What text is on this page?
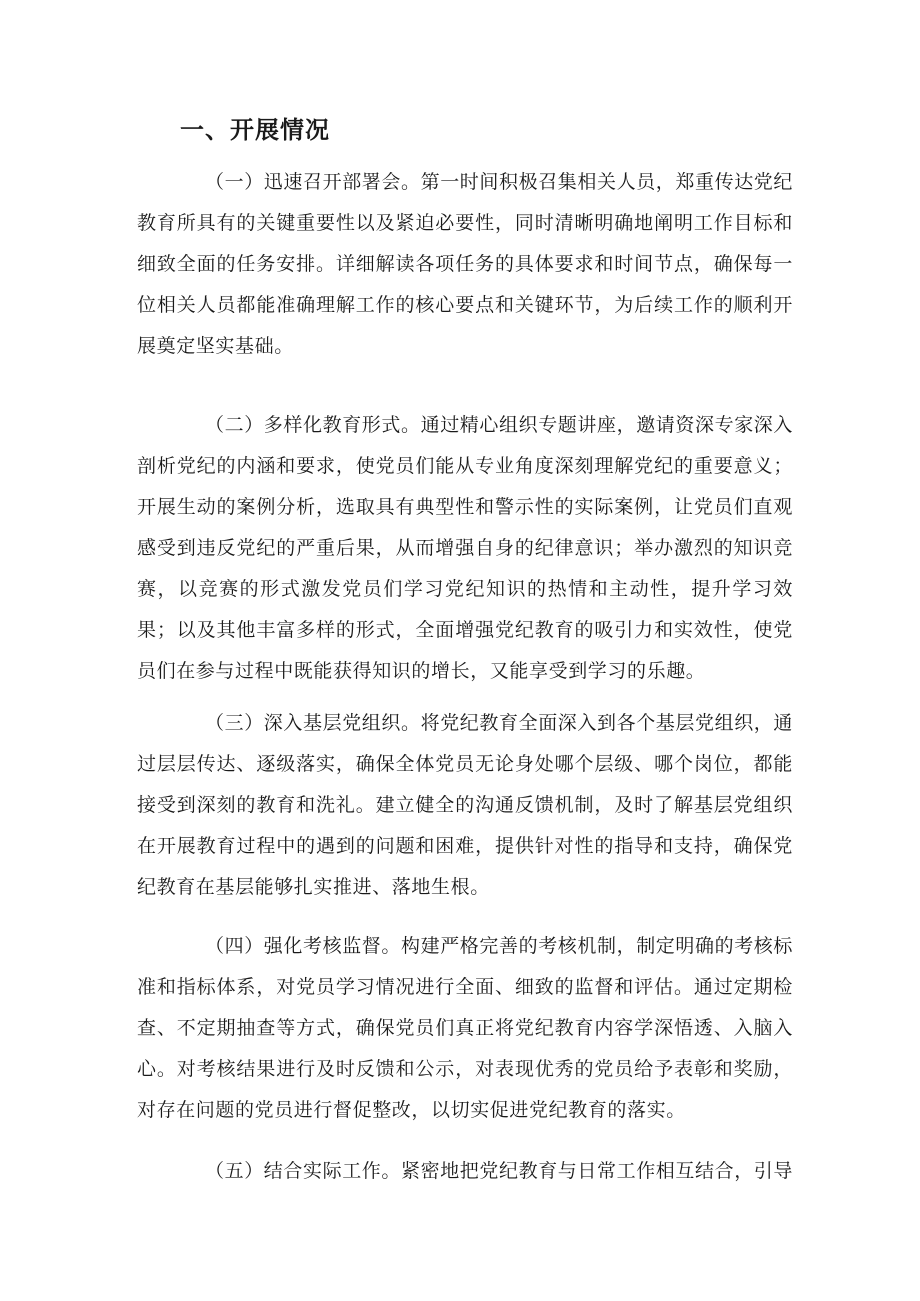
一、开展情况

（一）迅速召开部署会。第一时间积极召集相关人员，郑重传达党纪教育所具有的关键重要性以及紧迫必要性，同时清晰明确地阐明工作目标和细致全面的任务安排。详细解读各项任务的具体要求和时间节点，确保每一位相关人员都能准确理解工作的核心要点和关键环节，为后续工作的顺利开展奠定坚实基础。

（二）多样化教育形式。通过精心组织专题讲座，邀请资深专家深入剖析党纪的内涵和要求，使党员们能从专业角度深刻理解党纪的重要意义；开展生动的案例分析，选取具有典型性和警示性的实际案例，让党员们直观感受到违反党纪的严重后果，从而增强自身的纪律意识；举办激烈的知识竞赛，以竞赛的形式激发党员们学习党纪知识的热情和主动性，提升学习效果；以及其他丰富多样的形式，全面增强党纪教育的吸引力和实效性，使党员们在参与过程中既能获得知识的增长，又能享受到学习的乐趣。

（三）深入基层党组织。将党纪教育全面深入到各个基层党组织，通过层层传达、逐级落实，确保全体党员无论身处哪个层级、哪个岗位，都能接受到深刻的教育和洗礼。建立健全的沟通反馈机制，及时了解基层党组织在开展教育过程中的遇到的问题和困难，提供针对性的指导和支持，确保党纪教育在基层能够扎实推进、落地生根。

（四）强化考核监督。构建严格完善的考核机制，制定明确的考核标准和指标体系，对党员学习情况进行全面、细致的监督和评估。通过定期检查、不定期抽查等方式，确保党员们真正将党纪教育内容学深悟透、入脑入心。对考核结果进行及时反馈和公示，对表现优秀的党员给予表彰和奖励，对存在问题的党员进行督促整改，以切实促进党纪教育的落实。

（五）结合实际工作。紧密地把党纪教育与日常工作相互结合，引导
